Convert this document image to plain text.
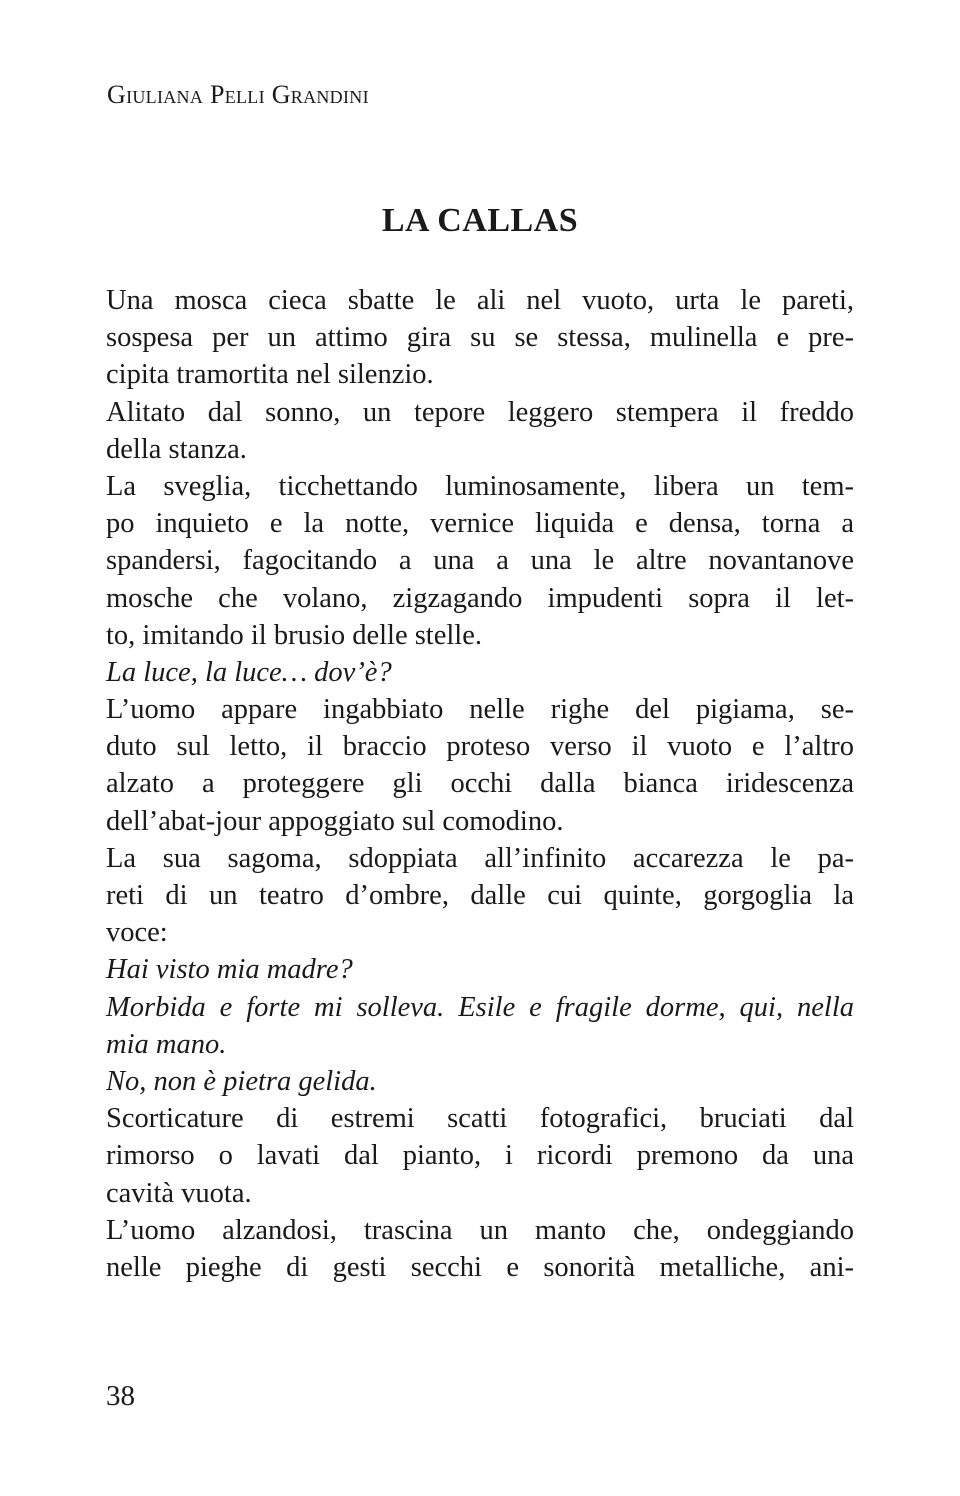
Giuliana Pelli Grandini
LA CALLAS
Una mosca cieca sbatte le ali nel vuoto, urta le pareti,
sospesa per un attimo gira su se stessa, mulinella e pre-
cipita tramortita nel silenzio.
Alitato dal sonno, un tepore leggero stempera il freddo
della stanza.
La sveglia, ticchettando luminosamente, libera un tem-
po inquieto e la notte, vernice liquida e densa, torna a
spandersi, fagocitando a una a una le altre novantanove
mosche che volano, zigzagando impudenti sopra il let-
to, imitando il brusio delle stelle.
La luce, la luce… dov’è?
L’uomo appare ingabbiato nelle righe del pigiama, se-
duto sul letto, il braccio proteso verso il vuoto e l’altro
alzato a proteggere gli occhi dalla bianca iridescenza
dell’abat-jour appoggiato sul comodino.
La sua sagoma, sdoppiata all’infinito accarezza le pa-
reti di un teatro d’ombre, dalle cui quinte, gorgoglia la
voce:
Hai visto mia madre?
Morbida e forte mi solleva. Esile e fragile dorme, qui, nella
mia mano.
No, non è pietra gelida.
Scorticature di estremi scatti fotografici, bruciati dal
rimorso o lavati dal pianto, i ricordi premono da una
cavità vuota.
L’uomo alzandosi, trascina un manto che, ondeggiando
nelle pieghe di gesti secchi e sonorità metalliche, ani-
38
